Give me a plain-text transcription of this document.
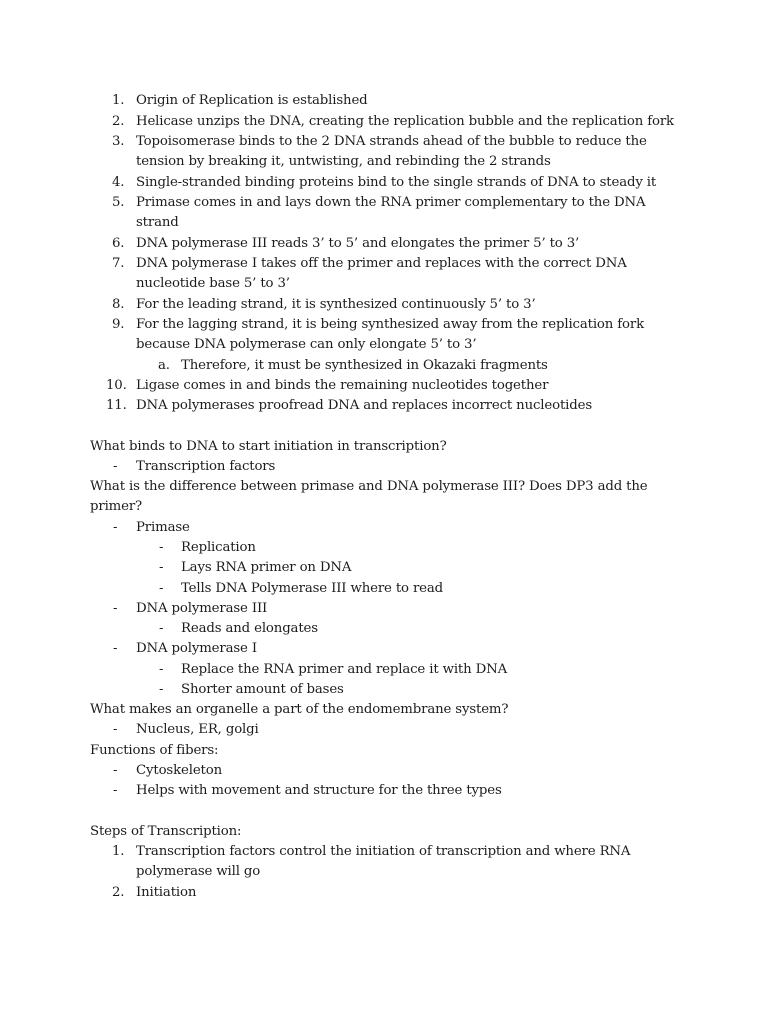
1. Origin of Replication is established
2. Helicase unzips the DNA, creating the replication bubble and the replication fork
3. Topoisomerase binds to the 2 DNA strands ahead of the bubble to reduce the
tension by breaking it, untwisting, and rebinding the 2 strands
4. Single-stranded binding proteins bind to the single strands of DNA to steady it
5. Primase comes in and lays down the RNA primer complementary to the DNA
strand
6. DNA polymerase III reads 3’ to 5’ and elongates the primer 5’ to 3’
7. DNA polymerase I takes off the primer and replaces with the correct DNA
nucleotide base 5’ to 3’
8. For the leading strand, it is synthesized continuously 5’ to 3’
9. For the lagging strand, it is being synthesized away from the replication fork
because DNA polymerase can only elongate 5’ to 3’
a. Therefore, it must be synthesized in Okazaki fragments
10. Ligase comes in and binds the remaining nucleotides together
11. DNA polymerases proofread DNA and replaces incorrect nucleotides
What binds to DNA to start initiation in transcription?
- Transcription factors
What is the difference between primase and DNA polymerase III? Does DP3 add the
primer?
- Primase
- Replication
- Lays RNA primer on DNA
- Tells DNA Polymerase III where to read
- DNA polymerase III
- Reads and elongates
- DNA polymerase I
- Replace the RNA primer and replace it with DNA
- Shorter amount of bases
What makes an organelle a part of the endomembrane system?
- Nucleus, ER, golgi
Functions of fibers:
- Cytoskeleton
- Helps with movement and structure for the three types
Steps of Transcription:
1. Transcription factors control the initiation of transcription and where RNA
polymerase will go
2. Initiation
